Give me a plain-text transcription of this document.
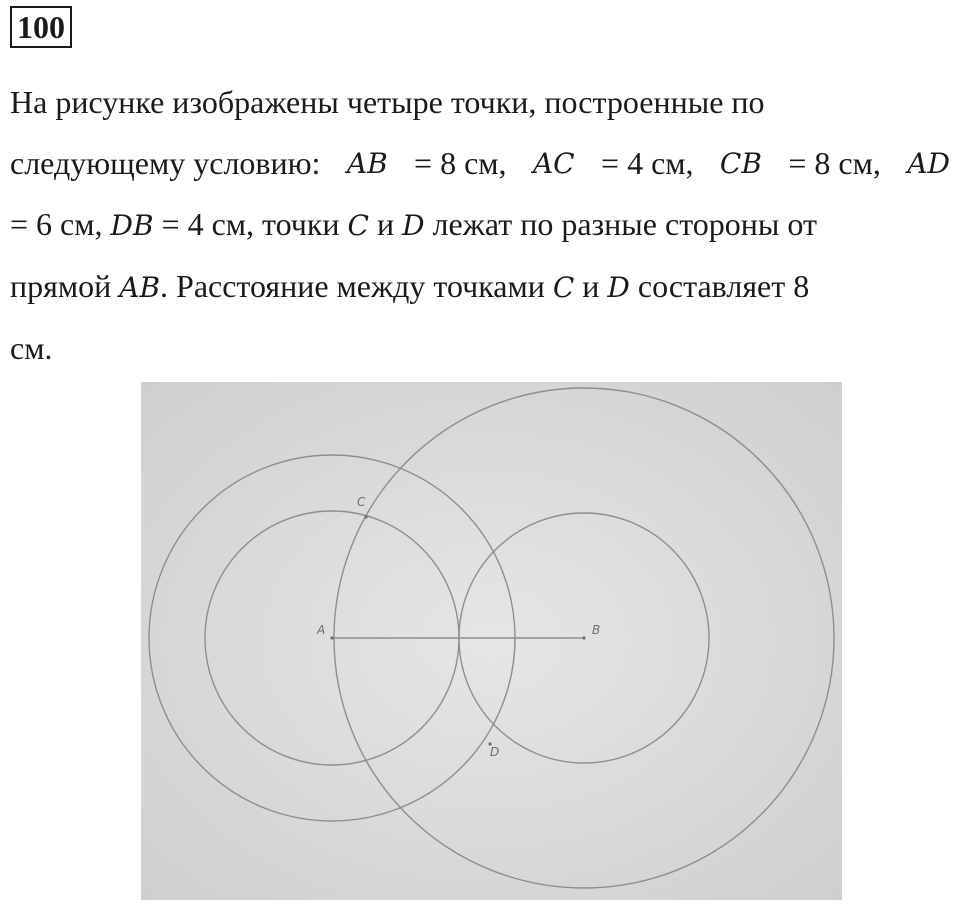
100
На рисунке изображены четыре точки, построенные по
следующему условию: AB = 8 см, AC = 4 см, CB = 8 см, AD
= 6 см, DB = 4 см, точки C и D лежат по разные стороны от
прямой AB. Расстояние между точками C и D составляет 8
см.
A	B
C
D
